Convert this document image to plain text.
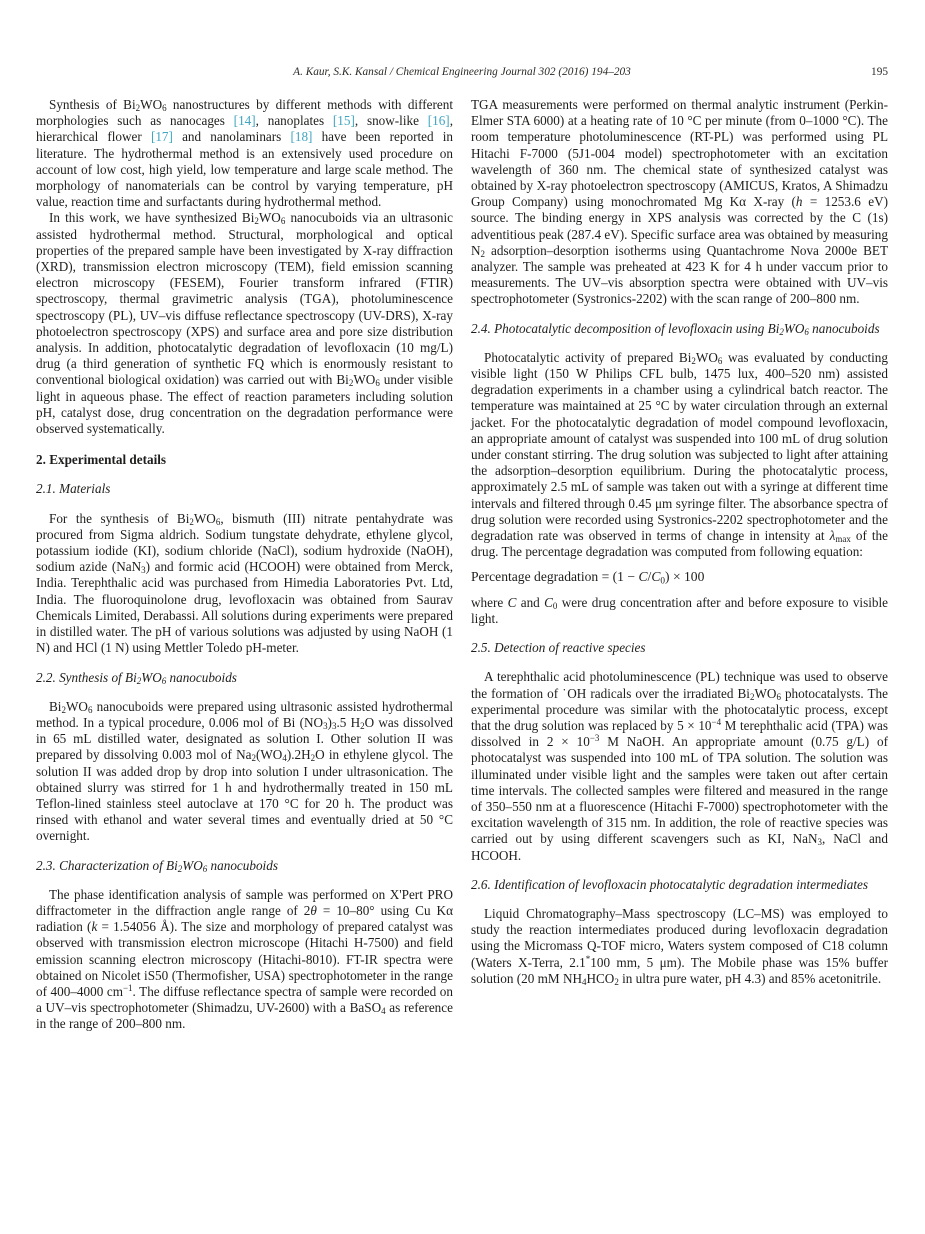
A. Kaur, S.K. Kansal / Chemical Engineering Journal 302 (2016) 194–203	195

Synthesis of $Bi_2WO_6$ nanostructures by different methods with different morphologies such as nanocages [14], nanoplates [15], snow-like [16], hierarchical flower [17] and nanolaminars [18] have been reported in literature. The hydrothermal method is an extensively used procedure on account of low cost, high yield, low temperature and large scale method. The morphology of nanomaterials can be control by varying temperature, pH value, reaction time and surfactants during hydrothermal method.

In this work, we have synthesized $Bi_2WO_6$ nanocuboids via an ultrasonic assisted hydrothermal method. Structural, morphological and optical properties of the prepared sample have been investigated by X-ray diffraction (XRD), transmission electron microscopy (TEM), field emission scanning electron microscopy (FESEM), Fourier transform infrared (FTIR) spectroscopy, thermal gravimetric analysis (TGA), photoluminescence spectroscopy (PL), UV–vis diffuse reflectance spectroscopy (UV-DRS), X-ray photoelectron spectroscopy (XPS) and surface area and pore size distribution analysis. In addition, photocatalytic degradation of levofloxacin (10 mg/L) drug (a third generation of synthetic FQ which is enormously resistant to conventional biological oxidation) was carried out with $Bi_2WO_6$ under visible light in aqueous phase. The effect of reaction parameters including solution pH, catalyst dose, drug concentration on the degradation performance were observed systematically.

2. Experimental details
2.1. Materials

For the synthesis of $Bi_2WO_6$, bismuth (III) nitrate pentahydrate was procured from Sigma aldrich. Sodium tungstate dehydrate, ethylene glycol, potassium iodide (KI), sodium chloride (NaCl), sodium hydroxide (NaOH), sodium azide (NaN$_3$) and formic acid (HCOOH) were obtained from Merck, India. Terephthalic acid was purchased from Himedia Laboratories Pvt. Ltd, India. The fluoroquinolone drug, levofloxacin was obtained from Saurav Chemicals Limited, Derabassi. All solutions during experiments were prepared in distilled water. The pH of various solutions was adjusted by using NaOH (1 N) and HCl (1 N) using Mettler Toledo pH-meter.

2.2. Synthesis of $Bi_2WO_6$ nanocuboids

$Bi_2WO_6$ nanocuboids were prepared using ultrasonic assisted hydrothermal method. In a typical procedure, 0.006 mol of Bi $(NO_3)_3.5$ $H_2O$ was dissolved in 65 mL distilled water, designated as solution I. Other solution II was prepared by dissolving 0.003 mol of $Na_2(WO_4).2H_2O$ in ethylene glycol. The solution II was added drop by drop into solution I under ultrasonication. The obtained slurry was stirred for 1 h and hydrothermally treated in 150 mL Teflon-lined stainless steel autoclave at 170 °C for 20 h. The product was rinsed with ethanol and water several times and eventually dried at 50 °C overnight.

2.3. Characterization of $Bi_2WO_6$ nanocuboids

The phase identification analysis of sample was performed on X'Pert PRO diffractometer in the diffraction angle range of 2θ = 10–80° using Cu Kα radiation (k = 1.54056 Å). The size and morphology of prepared catalyst was observed with transmission electron microscope (Hitachi H-7500) and field emission scanning electron microscopy (Hitachi-8010). FT-IR spectra were obtained on Nicolet iS50 (Thermofisher, USA) spectrophotometer in the range of 400–4000 $cm^{-1}$. The diffuse reflectance spectra of sample were recorded on a UV–vis spectrophotometer (Shimadzu, UV-2600) with a BaSO$_4$ as reference in the range of 200–800 nm.

TGA measurements were performed on thermal analytic instrument (Perkin-Elmer STA 6000) at a heating rate of 10 °C per minute (from 0–1000 °C). The room temperature photoluminescence (RT-PL) was performed using PL Hitachi F-7000 (5J1-004 model) spectrophotometer with an excitation wavelength of 360 nm. The chemical state of synthesized catalyst was obtained by X-ray photoelectron spectroscopy (AMICUS, Kratos, A Shimadzu Group Company) using monochromated Mg Kα X-ray (h = 1253.6 eV) source. The binding energy in XPS analysis was corrected by the C (1s) adventitious peak (287.4 eV). Specific surface area was obtained by measuring $N_2$ adsorption–desorption isotherms using Quantachrome Nova 2000e BET analyzer. The sample was preheated at 423 K for 4 h under vaccum prior to measurements. The UV–vis absorption spectra were obtained with UV–vis spectrophotometer (Systronics-2202) with the scan range of 200–800 nm.

2.4. Photocatalytic decomposition of levofloxacin using $Bi_2WO_6$ nanocuboids

Photocatalytic activity of prepared $Bi_2WO_6$ was evaluated by conducting visible light (150 W Philips CFL bulb, 1475 lux, 400–520 nm) assisted degradation experiments in a chamber using a cylindrical batch reactor. The temperature was maintained at 25 °C by water circulation through an external jacket. For the photocatalytic degradation of model compound levofloxacin, an appropriate amount of catalyst was suspended into 100 mL of drug solution under constant stirring. The drug solution was subjected to light after attaining the adsorption–desorption equilibrium. During the photocatalytic process, approximately 2.5 mL of sample was taken out with a syringe at different time intervals and filtered through 0.45 μm syringe filter. The absorbance spectra of drug solution were recorded using Systronics-2202 spectrophotometer and the degradation rate was observed in terms of change in intensity at $\lambda_{max}$ of the drug. The percentage degradation was computed from following equation:

Percentage degradation = $(1 - C/C_0) \times 100$

where C and $C_0$ were drug concentration after and before exposure to visible light.

2.5. Detection of reactive species

A terephthalic acid photoluminescence (PL) technique was used to observe the formation of ˙OH radicals over the irradiated $Bi_2WO_6$ photocatalysts. The experimental procedure was similar with the photocatalytic process, except that the drug solution was replaced by $5 \times 10^{-4}$ M terephthalic acid (TPA) was dissolved in $2 \times 10^{-3}$ M NaOH. An appropriate amount (0.75 g/L) of photocatalyst was suspended into 100 mL of TPA solution. The solution was illuminated under visible light and the samples were taken out after certain time intervals. The collected samples were filtered and measured in the range of 350–550 nm at a fluorescence (Hitachi F-7000) spectrophotometer with the excitation wavelength of 315 nm. In addition, the role of reactive species was carried out by using different scavengers such as KI, NaN$_3$, NaCl and HCOOH.

2.6. Identification of levofloxacin photocatalytic degradation intermediates

Liquid Chromatography–Mass spectroscopy (LC–MS) was employed to study the reaction intermediates produced during levofloxacin degradation using the Micromass Q-TOF micro, Waters system composed of C18 column (Waters X-Terra, 2.1*100 mm, 5 μm). The Mobile phase was 15% buffer solution (20 mM $NH_4HCO_2$ in ultra pure water, pH 4.3) and 85% acetonitrile.
